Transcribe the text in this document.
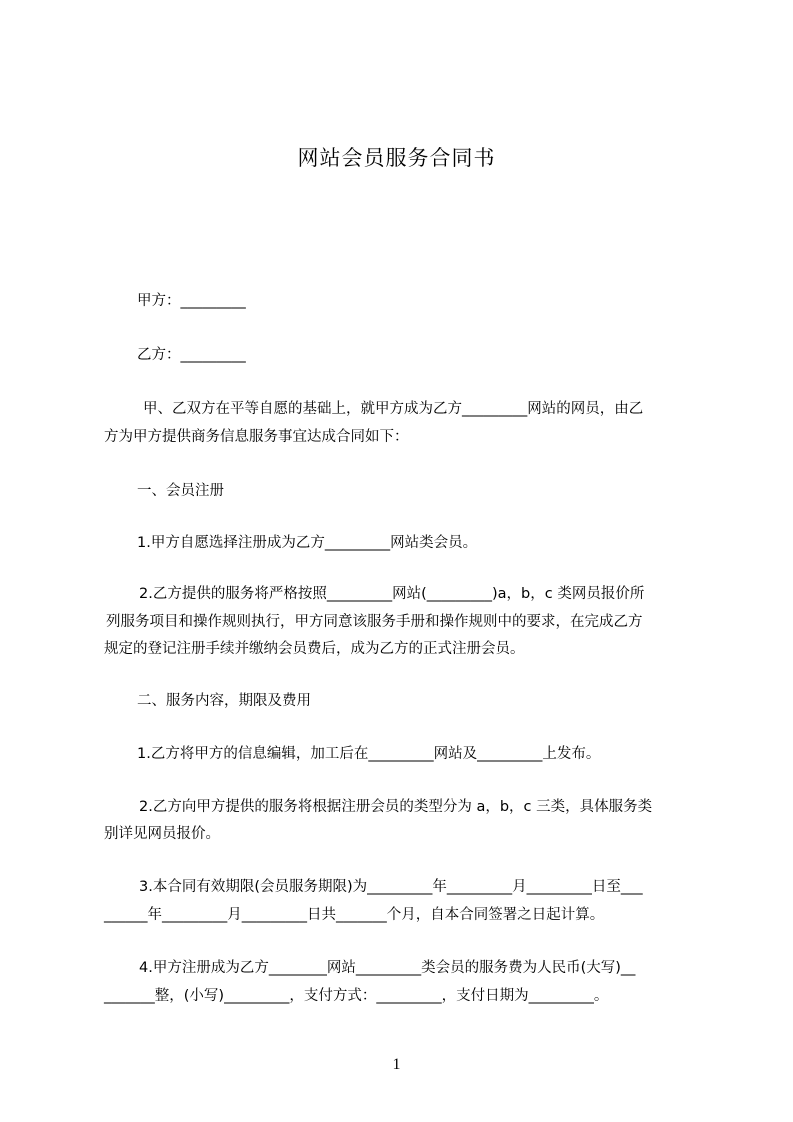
网站会员服务合同书
甲方：_________
乙方：_________
甲、乙双方在平等自愿的基础上，就甲方成为乙方_________网站的网员，由乙
方为甲方提供商务信息服务事宜达成合同如下：
一、会员注册
1.甲方自愿选择注册成为乙方_________网站类会员。
2.乙方提供的服务将严格按照_________网站(_________)a，b，c 类网员报价所
列服务项目和操作规则执行，甲方同意该服务手册和操作规则中的要求，在完成乙方
规定的登记注册手续并缴纳会员费后，成为乙方的正式注册会员。
二、服务内容，期限及费用
1.乙方将甲方的信息编辑，加工后在_________网站及_________上发布。
2.乙方向甲方提供的服务将根据注册会员的类型分为 a，b，c 三类，具体服务类
别详见网员报价。
3.本合同有效期限(会员服务期限)为_________年_________月_________日至___
______年_________月_________日共_______个月，自本合同签署之日起计算。
4.甲方注册成为乙方________网站_________类会员的服务费为人民币(大写)__
_______整，(小写)_________，支付方式：_________，支付日期为_________。
1
